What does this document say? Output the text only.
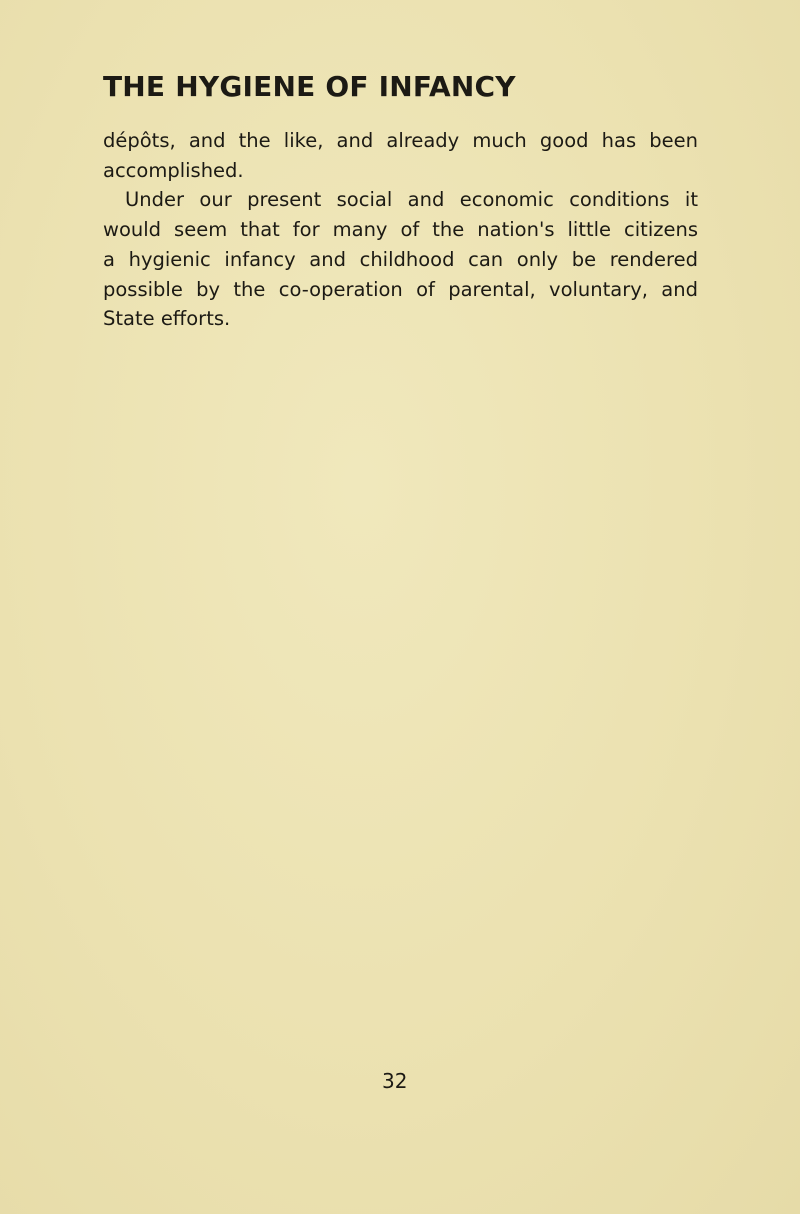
THE HYGIENE OF INFANCY
dépôts, and the like, and already much good has been
accomplished.
Under our present social and economic conditions it
would seem that for many of the nation's little citizens
a hygienic infancy and childhood can only be rendered
possible by the co-operation of parental, voluntary, and
State efforts.
32
